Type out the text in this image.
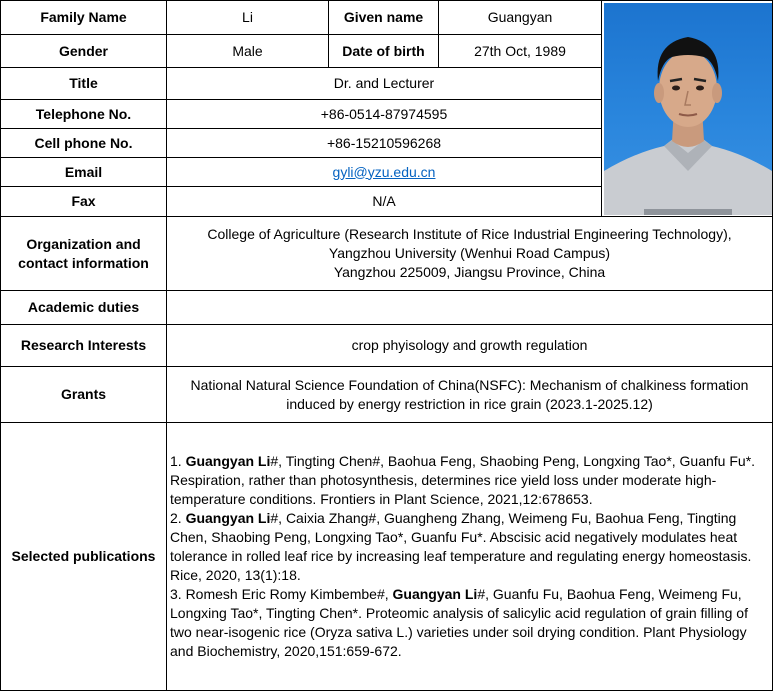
Family Name	Li	Given name	Guangyan	

Gender	Male	Date of birth	27th Oct, 1989	
Title	Dr. and Lecturer			
Telephone No.	+86-0514-87974595			
Cell phone No.	+86-15210596268			
Email	gyli@yzu.edu.cn			
Fax	N/A			
Organization and
contact information	College of Agriculture (Research Institute of Rice Industrial Engineering Technology),
Yangzhou University (Wenhui Road Campus)
Yangzhou 225009, Jiangsu Province, China			
Academic duties				
Research Interests	crop phyisology and growth regulation			
Grants	National Natural Science Foundation of China(NSFC): Mechanism of chalkiness formation
induced by energy restriction in rice grain (2023.1-2025.12)			
Selected publications	1. Guangyan Li#, Tingting Chen#, Baohua Feng, Shaobing Peng, Longxing Tao*, Guanfu Fu*. Respiration, rather than photosynthesis, determines rice yield loss under moderate high-temperature conditions. Frontiers in Plant Science, 2021,12:678653.

2. Guangyan Li#, Caixia Zhang#, Guangheng Zhang, Weimeng Fu, Baohua Feng, Tingting Chen, Shaobing Peng, Longxing Tao*, Guanfu Fu*. Abscisic acid negatively modulates heat tolerance in rolled leaf rice by increasing leaf temperature and regulating energy homeostasis. Rice, 2020, 13(1):18.

3. Romesh Eric Romy Kimbembe#, Guangyan Li#, Guanfu Fu, Baohua Feng, Weimeng Fu, Longxing Tao*, Tingting Chen*. Proteomic analysis of salicylic acid regulation of grain filling of two near-isogenic rice (Oryza sativa L.) varieties under soil drying condition. Plant Physiology and Biochemistry, 2020,151:659-672.			
